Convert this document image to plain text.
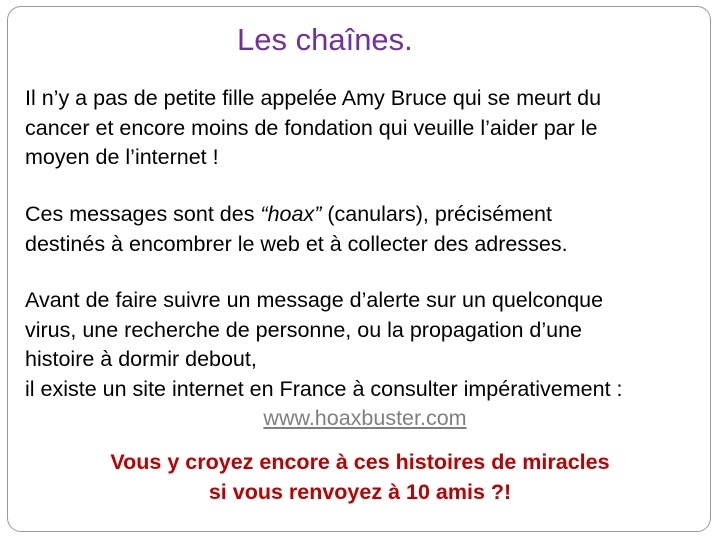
Les chaînes.

Il n’y a pas de petite fille appelée Amy Bruce qui se meurt du
cancer et encore moins de fondation qui veuille l’aider par le
moyen de l’internet !

Ces messages sont des “hoax” (canulars), précisément
destinés à encombrer le web et à collecter des adresses.

Avant de faire suivre un message d’alerte sur un quelconque
virus, une recherche de personne, ou la propagation d’une
histoire à dormir debout,
il existe un site internet en France à consulter impérativement :
www.hoaxbuster.com

Vous y croyez encore à ces histoires de miracles
si vous renvoyez à 10 amis ?!
